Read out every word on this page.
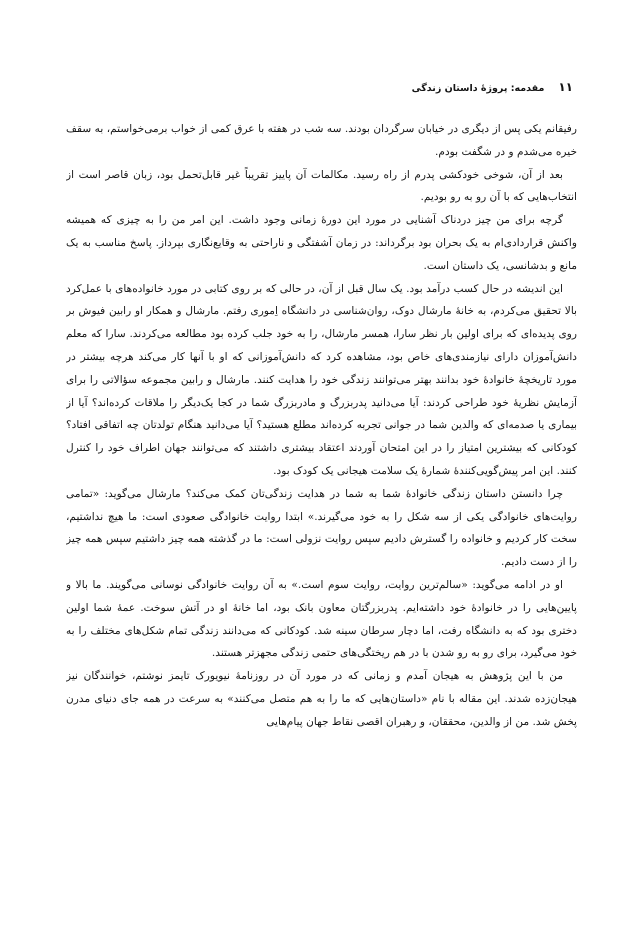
۱۱
مقدمه: پروژهٔ داستان زندگی

رفیقانم یکی پس از دیگری در خیابان سرگردان بودند. سه شب در هفته با عرق کمی از خواب برمی‌خواستم، به سقف خیره می‌شدم و در شگفت بودم.

بعد از آن، شوخی خودکشی پدرم از راه رسید. مکالمات آن پاییز تقریباً غیر قابل‌تحمل بود، زبان قاصر است از انتخاب‌هایی که با آن رو به رو بودیم.

گرچه برای من چیز دردناک آشنایی در مورد این دورهٔ زمانی وجود داشت. این امر من را به چیزی که همیشه واکنش قراردادی‌ام به یک بحران بود برگرداند: در زمان آشفتگی و ناراحتی به وقایع‌نگاری بپرداز. پاسخ مناسب به یک مانع و بدشانسی، یک داستان است.

این اندیشه در حال کسب درآمد بود. یک سال قبل از آن، در حالی که بر روی کتابی در مورد خانواده‌های با عمل‌کرد بالا تحقیق می‌کردم، به خانهٔ مارشال دوک، روان‌شناسی در دانشگاه اِموری رفتم. مارشال و همکار او رابین فیوش بر روی پدیده‌ای که برای اولین بار نظر سارا، همسر مارشال، را به خود جلب کرده بود مطالعه می‌کردند. سارا که معلم دانش‌آموزان دارای نیازمندی‌های خاص بود، مشاهده کرد که دانش‌آموزانی که او با آنها کار می‌کند هرچه بیشتر در مورد تاریخچهٔ خانوادهٔ خود بدانند بهتر می‌توانند زندگی خود را هدایت کنند. مارشال و رابین مجموعه سؤالاتی را برای آزمایش نظریهٔ خود طراحی کردند: آیا می‌دانید پدربزرگ و مادربزرگ شما در کجا یک‌دیگر را ملاقات کرده‌اند؟ آیا از بیماری یا صدمه‌ای که والدین شما در جوانی تجربه کرده‌اند مطلع هستید؟ آیا می‌دانید هنگام تولدتان چه اتفاقی افتاد؟ کودکانی که بیشترین امتیاز را در این امتحان آوردند اعتقاد بیشتری داشتند که می‌توانند جهان اطراف خود را کنترل کنند. این امر پیش‌گویی‌کنندهٔ شمارهٔ یک سلامت هیجانی یک کودک بود.

چرا دانستن داستان زندگی خانوادهٔ شما به شما در هدایت زندگی‌تان کمک می‌کند؟ مارشال می‌گوید: «تمامی روایت‌های خانوادگی یکی از سه شکل را به خود می‌گیرند.» ابتدا روایت خانوادگی صعودی است: ما هیچ نداشتیم، سخت کار کردیم و خانواده را گسترش دادیم سپس روایت نزولی است: ما در گذشته همه چیز داشتیم سپس همه چیز را از دست دادیم.

او در ادامه می‌گوید: «سالم‌ترین روایت، روایت سوم است.» به آن روایت خانوادگی نوسانی می‌گویند. ما بالا و پایین‌هایی را در خانوادهٔ خود داشته‌ایم. پدربزرگتان معاون بانک بود، اما خانهٔ او در آتش سوخت. عمهٔ شما اولین دختری بود که به دانشگاه رفت، اما دچار سرطان سینه شد. کودکانی که می‌دانند زندگی تمام شکل‌های مختلف را به خود می‌گیرد، برای رو به رو شدن با در هم ریختگی‌های حتمی زندگی مجهزتر هستند.

من با این پژوهش به هیجان آمدم و زمانی که در مورد آن در روزنامهٔ نیویورک تایمز نوشتم، خوانندگان نیز هیجان‌زده شدند. این مقاله با نام «داستان‌هایی که ما را به هم متصل می‌کنند» به سرعت در همه جای دنیای مدرن پخش شد. من از والدین، محققان، و رهبران اقصی نقاط جهان پیام‌هایی
